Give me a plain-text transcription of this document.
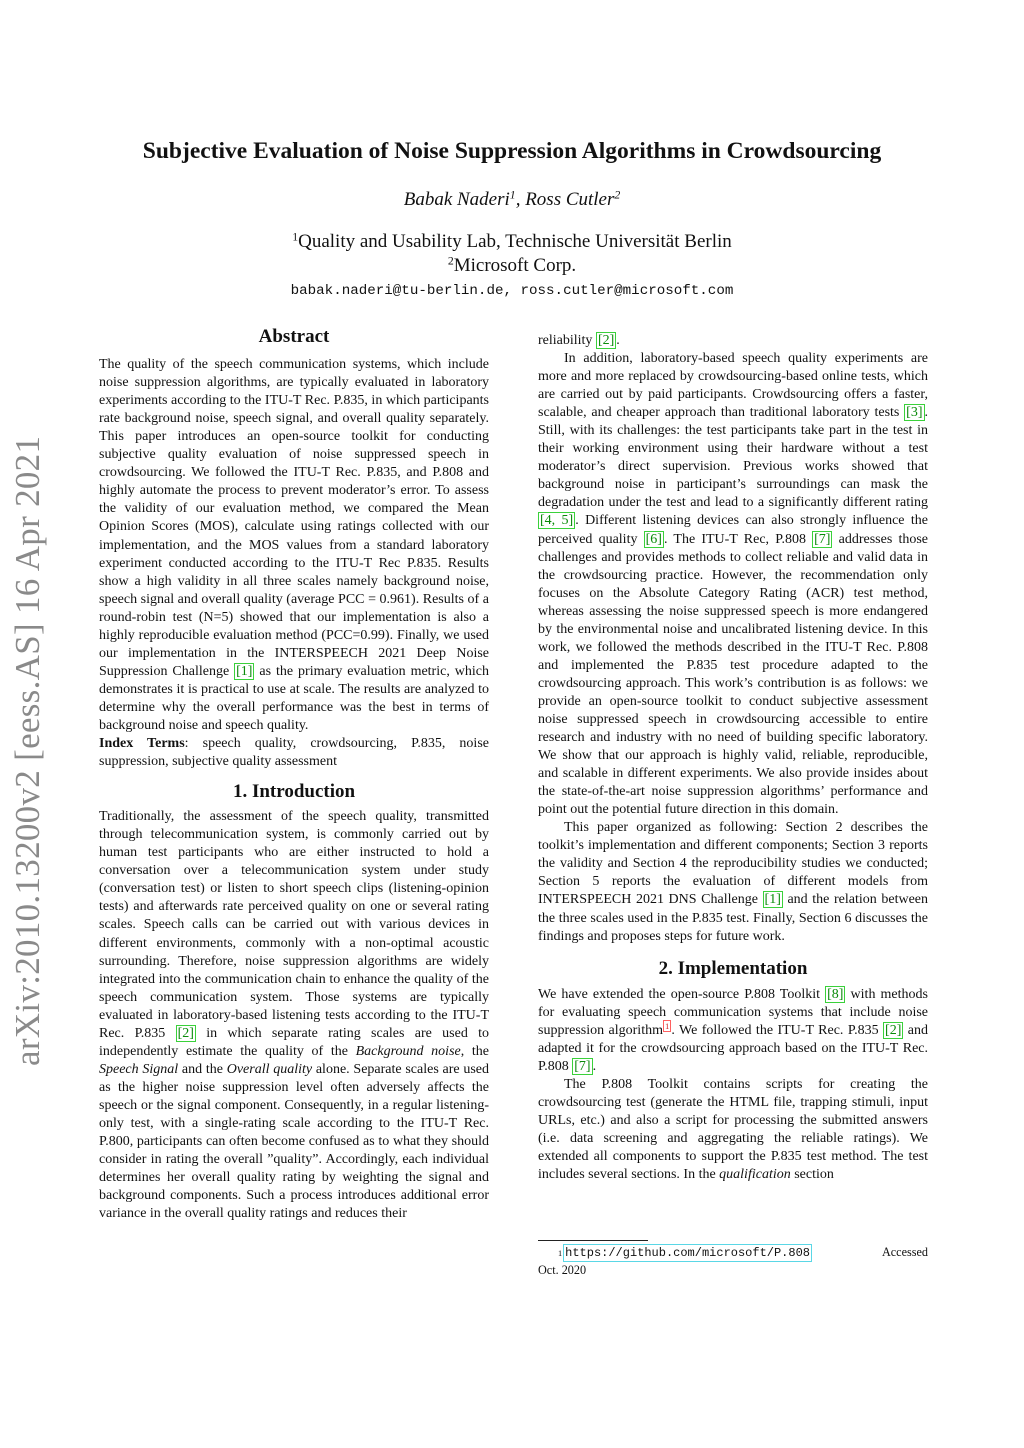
arXiv:2010.13200v2 [eess.AS] 16 Apr 2021
Subjective Evaluation of Noise Suppression Algorithms in Crowdsourcing
Babak Naderi$^1$, Ross Cutler$^2$
$^1$Quality and Usability Lab, Technische Universität Berlin
$^2$Microsoft Corp.
babak.naderi@tu-berlin.de, ross.cutler@microsoft.com
Abstract

The quality of the speech communication systems, which include noise suppression algorithms, are typically evaluated in laboratory experiments according to the ITU-T Rec. P.835, in which participants rate background noise, speech signal, and overall quality separately. This paper introduces an open-source toolkit for conducting subjective quality evaluation of noise suppressed speech in crowdsourcing. We followed the ITU-T Rec. P.835, and P.808 and highly automate the process to prevent moderator’s error. To assess the validity of our evaluation method, we compared the Mean Opinion Scores (MOS), calculate using ratings collected with our implementation, and the MOS values from a standard laboratory experiment conducted according to the ITU-T Rec P.835. Results show a high validity in all three scales namely background noise, speech signal and overall quality (average PCC = 0.961). Results of a round-robin test (N=5) showed that our implementation is also a highly reproducible evaluation method (PCC=0.99). Finally, we used our implementation in the INTERSPEECH 2021 Deep Noise Suppression Challenge [1] as the primary evaluation metric, which demonstrates it is practical to use at scale. The results are analyzed to determine why the overall performance was the best in terms of background noise and speech quality.

Index Terms: speech quality, crowdsourcing, P.835, noise suppression, subjective quality assessment

1. Introduction

Traditionally, the assessment of the speech quality, transmitted through telecommunication system, is commonly carried out by human test participants who are either instructed to hold a conversation over a telecommunication system under study (conversation test) or listen to short speech clips (listening-opinion tests) and afterwards rate perceived quality on one or several rating scales. Speech calls can be carried out with various devices in different environments, commonly with a non-optimal acoustic surrounding. Therefore, noise suppression algorithms are widely integrated into the communication chain to enhance the quality of the speech communication system. Those systems are typically evaluated in laboratory-based listening tests according to the ITU-T Rec. P.835 [2] in which separate rating scales are used to independently estimate the quality of the Background noise, the Speech Signal and the Overall quality alone. Separate scales are used as the higher noise suppression level often adversely affects the speech or the signal component. Consequently, in a regular listening-only test, with a single-rating scale according to the ITU-T Rec. P.800, participants can often become confused as to what they should consider in rating the overall ”quality”. Accordingly, each individual determines her overall quality rating by weighting the signal and background components. Such a process introduces additional error variance in the overall quality ratings and reduces their

reliability [2] .

In addition, laboratory-based speech quality experiments are more and more replaced by crowdsourcing-based online tests, which are carried out by paid participants. Crowdsourcing offers a faster, scalable, and cheaper approach than traditional laboratory tests [3] . Still, with its challenges: the test participants take part in the test in their working environment using their hardware without a test moderator’s direct supervision. Previous works showed that background noise in participant’s surroundings can mask the degradation under the test and lead to a significantly different rating [4, 5] . Different listening devices can also strongly influence the perceived quality [6] . The ITU-T Rec, P.808 [7] addresses those challenges and provides methods to collect reliable and valid data in the crowdsourcing practice. However, the recommendation only focuses on the Absolute Category Rating (ACR) test method, whereas assessing the noise suppressed speech is more endangered by the environmental noise and uncalibrated listening device. In this work, we followed the methods described in the ITU-T Rec. P.808 and implemented the P.835 test procedure adapted to the crowdsourcing approach. This work’s contribution is as follows: we provide an open-source toolkit to conduct subjective assessment noise suppressed speech in crowdsourcing accessible to entire research and industry with no need of building specific laboratory. We show that our approach is highly valid, reliable, reproducible, and scalable in different experiments. We also provide insides about the state-of-the-art noise suppression algorithms’ performance and point out the potential future direction in this domain.

This paper organized as following: Section 2 describes the toolkit’s implementation and different components; Section 3 reports the validity and Section 4 the reproducibility studies we conducted; Section 5 reports the evaluation of different models from INTERSPEECH 2021 DNS Challenge [1] and the relation between the three scales used in the P.835 test. Finally, Section 6 discusses the findings and proposes steps for future work.

2. Implementation

We have extended the open-source P.808 Toolkit [8] with methods for evaluating speech communication systems that include noise suppression algorithm $^1$ . We followed the ITU-T Rec. P.835 [2] and adapted it for the crowdsourcing approach based on the ITU-T Rec. P.808 [7] .

The P.808 Toolkit contains scripts for creating the crowdsourcing test (generate the HTML file, trapping stimuli, input URLs, etc.) and also a script for processing the submitted answers (i.e. data screening and aggregating the reliable ratings). We extended all components to support the P.835 test method. The test includes several sections. In the qualification section

1 https://github.com/microsoft/P.808	Accessed
Oct. 2020
